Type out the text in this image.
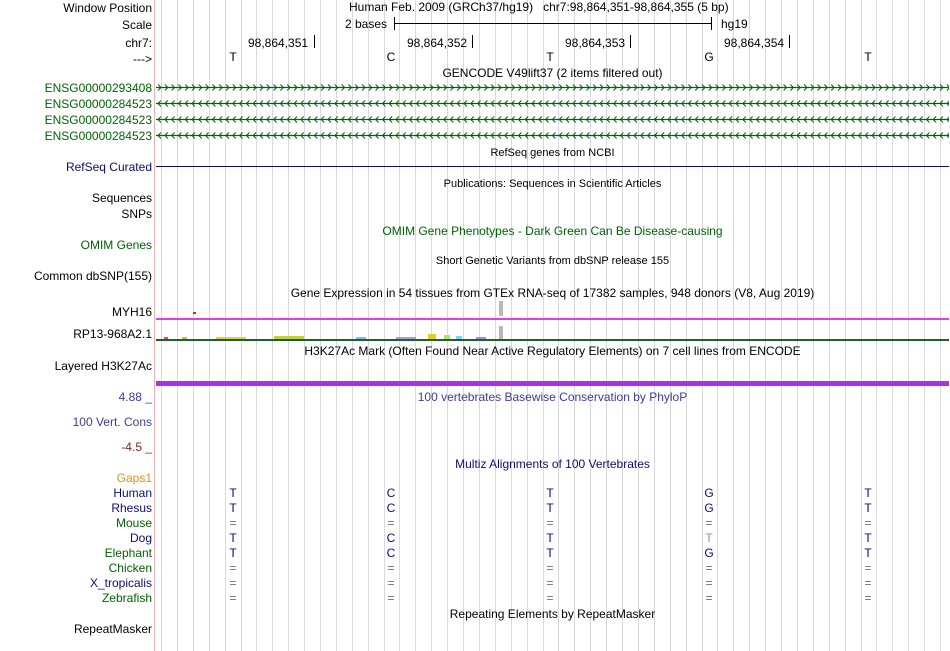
Window Position	Human Feb. 2009 (GRCh37/hg19)   chr7:98,864,351-98,864,355 (5 bp)
Scale	2 bases	hg19
chr7:	98,864,351	98,864,352	98,864,353	98,864,354
--->	T	C	T	G	T
GENCODE V49lift37 (2 items filtered out)
ENSG00000293408
ENSG00000284523
ENSG00000284523
ENSG00000284523
RefSeq genes from NCBI
RefSeq Curated
Publications: Sequences in Scientific Articles
Sequences
SNPs
OMIM Gene Phenotypes - Dark Green Can Be Disease-causing
OMIM Genes
Short Genetic Variants from dbSNP release 155
Common dbSNP(155)
Gene Expression in 54 tissues from GTEx RNA-seq of 17382 samples, 948 donors (V8, Aug 2019)
MYH16
RP13-968A2.1
H3K27Ac Mark (Often Found Near Active Regulatory Elements) on 7 cell lines from ENCODE
Layered H3K27Ac
100 vertebrates Basewise Conservation by PhyloP
4.88 _
100 Vert. Cons
-4.5 _
Multiz Alignments of 100 Vertebrates
Gaps1
Human	T	C	T	G	T
Rhesus	T	C	T	G	T
Mouse	=	=	=	=	=
Dog	T	C	T	T	T
Elephant	T	C	T	G	T
Chicken	=	=	=	=	=
X_tropicalis	=	=	=	=	=
Zebrafish	=	=	=	=	=
Repeating Elements by RepeatMasker
RepeatMasker
